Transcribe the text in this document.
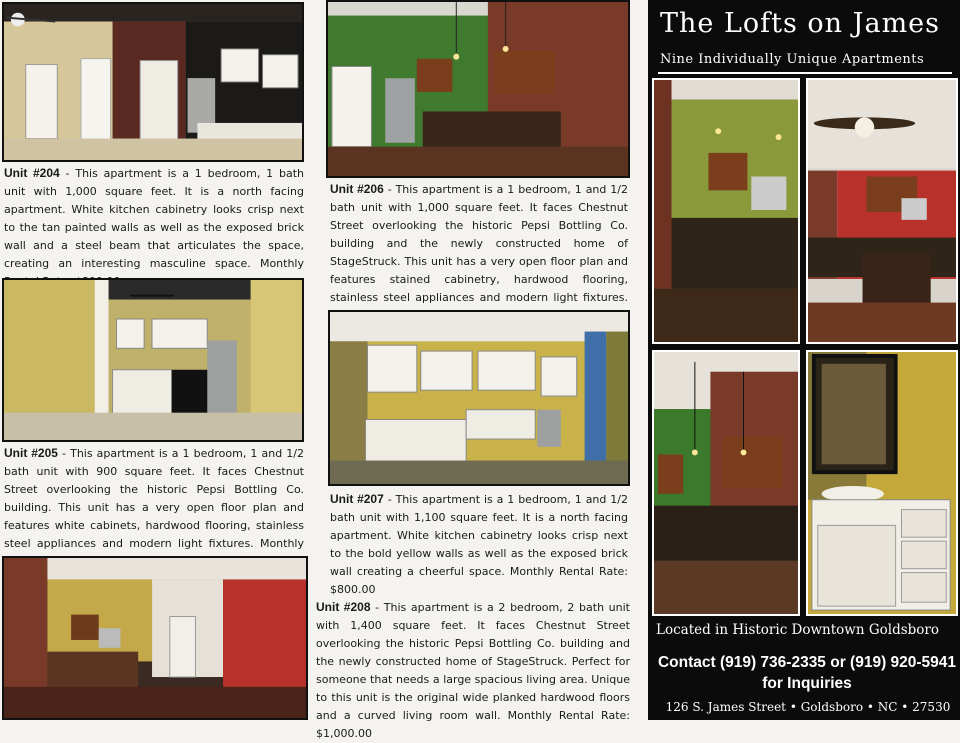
Unit #204 - This apartment is a 1 bedroom, 1 bath unit with 1,000 square feet. It is a north facing apartment. White kitchen cabinetry looks crisp next to the tan painted walls as well as the exposed brick wall and a steel beam that articulates the space, creating an interesting masculine space. Monthly
Unit #205 - This apartment is a 1 bedroom, 1 and 1/2 bath unit with 900 square feet. It faces Chestnut Street overlooking the historic Pepsi Bottling Co. building. This unit has a very open floor plan and features white cabinets, hardwood flooring, stainless steel appliances and modern light fixtures. Monthly
Unit #206 - This apartment is a 1 bedroom, 1 and 1/2 bath unit with 1,000 square feet. It faces Chestnut Street overlooking the historic Pepsi Bottling Co. building and the newly constructed home of StageStruck. This unit has a very open floor plan and features stained cabinetry, hardwood flooring, stainless steel appliances and modern light fixtures.
Unit #207 - This apartment is a 1 bedroom, 1 and 1/2 bath unit with 1,100 square feet. It is a north facing apartment. White kitchen cabinetry looks crisp next to the bold yellow walls as well as the exposed brick wall creating a cheerful space. Monthly Rental Rate: $800.00
Unit #208 - This apartment is a 2 bedroom, 2 bath unit with 1,400 square feet. It faces Chestnut Street overlooking the historic Pepsi Bottling Co. building and the newly constructed home of StageStruck. Perfect for someone that needs a large spacious living area. Unique to this unit is the original wide planked hardwood floors and a curved living room wall. Monthly Rental Rate: $1,000.00
The Lofts on James
Nine Individually Unique Apartments
Located in Historic Downtown Goldsboro
Contact (919) 736-2335 or (919) 920-5941
for Inquiries
126 S. James Street • Goldsboro • NC • 27530
